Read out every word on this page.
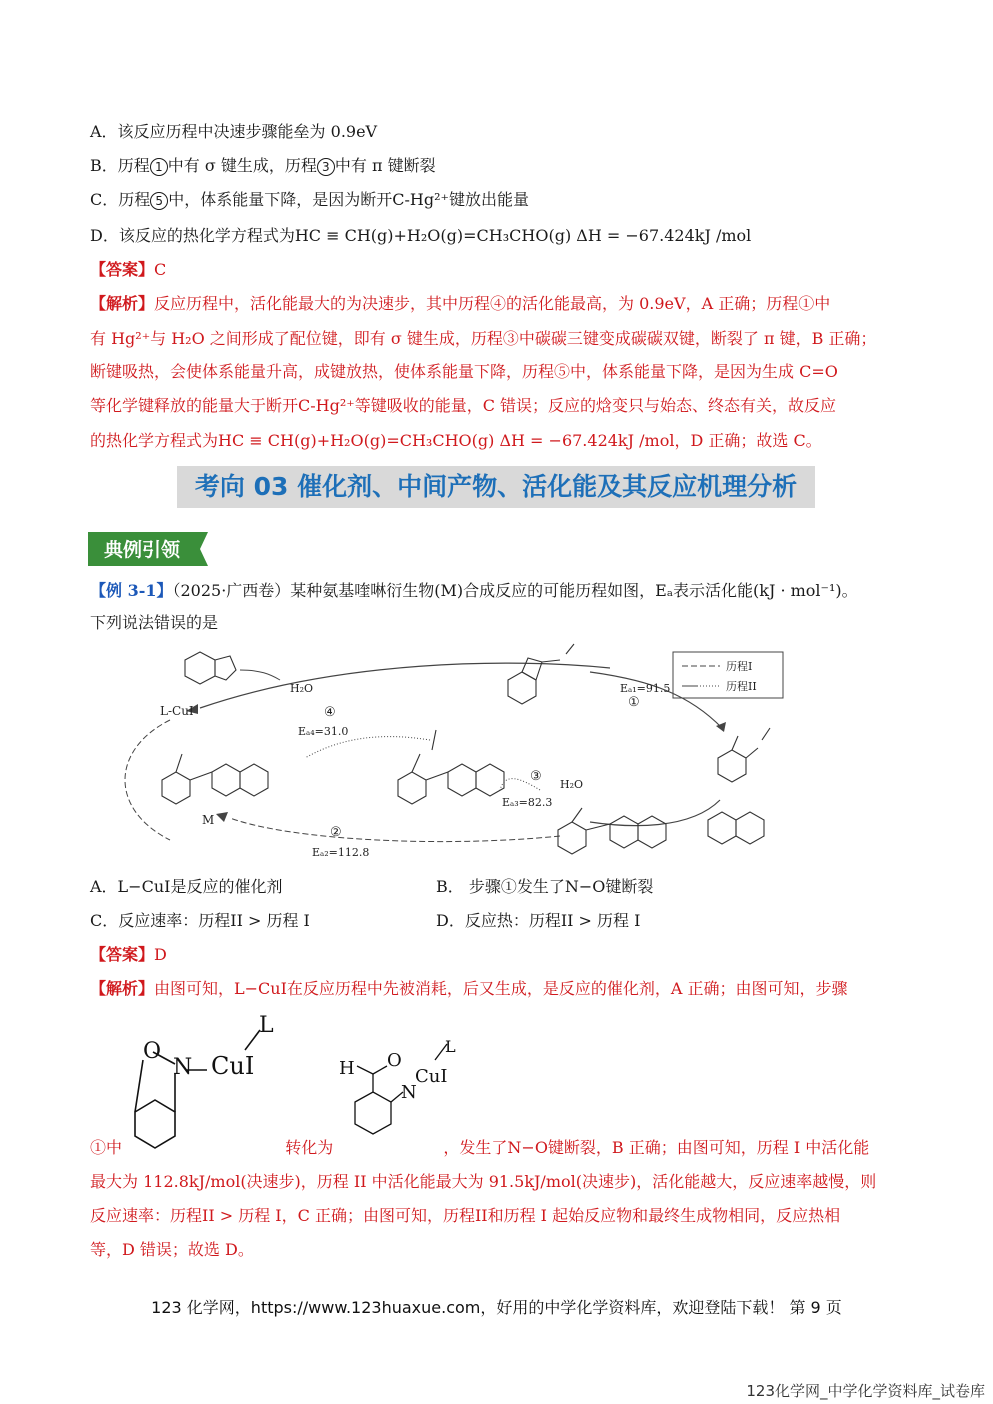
A．该反应历程中决速步骤能垒为 0.9eV
B．历程 1 中有 σ 键生成，历程 3 中有 π 键断裂
C．历程 5 中，体系能量下降，是因为断开C-Hg²⁺键放出能量
D．该反应的热化学方程式为HC ≡ CH(g)+H₂O(g)=CH₃CHO(g) ΔH = −67.424kJ /mol
【答案】C
【解析】反应历程中，活化能最大的为决速步，其中历程④的活化能最高，为 0.9eV，A 正确；历程①中
有 Hg²⁺与 H₂O 之间形成了配位键，即有 σ 键生成，历程③中碳碳三键变成碳碳双键，断裂了 π 键，B 正确；
断键吸热，会使体系能量升高，成键放热，使体系能量下降，历程⑤中，体系能量下降，是因为生成 C=O
等化学键释放的能量大于断开C-Hg²⁺等键吸收的能量，C 错误；反应的焓变只与始态、终态有关，故反应
的热化学方程式为HC ≡ CH(g)+H₂O(g)=CH₃CHO(g) ΔH = −67.424kJ /mol，D 正确；故选 C。
考向 03 催化剂、中间产物、活化能及其反应机理分析
典例引领
【例 3-1】（2025·广西卷）某种氨基喹啉衍生物(M)合成反应的可能历程如图，Eₐ表示活化能(kJ · mol⁻¹)。
下列说法错误的是
历程I
历程II
L-CuI
M
Eₐ₁=91.5
①
②
Eₐ₂=112.8
③
Eₐ₃=82.3
H₂O
④
Eₐ₄=31.0
H₂O
A．L−CuI是反应的催化剂	B． 步骤①发生了N−O键断裂
C．反应速率：历程II > 历程 I	D．反应热：历程II > 历程 I
【答案】D
【解析】由图可知，L−CuI在反应历程中先被消耗，后又生成，是反应的催化剂，A 正确；由图可知，步骤
O
N CuI
L
H O
N
CuI
L
①中	转化为	，发生了N−O键断裂，B 正确；由图可知，历程 I 中活化能
最大为 112.8kJ/mol(决速步)，历程 II 中活化能最大为 91.5kJ/mol(决速步)，活化能越大，反应速率越慢，则
反应速率：历程II > 历程 I，C 正确；由图可知，历程II和历程 I 起始反应物和最终生成物相同，反应热相
等，D 错误；故选 D。
123 化学网，https://www.123huaxue.com，好用的中学化学资料库，欢迎登陆下载！ 第 9 页
123化学网_中学化学资料库_试卷库
